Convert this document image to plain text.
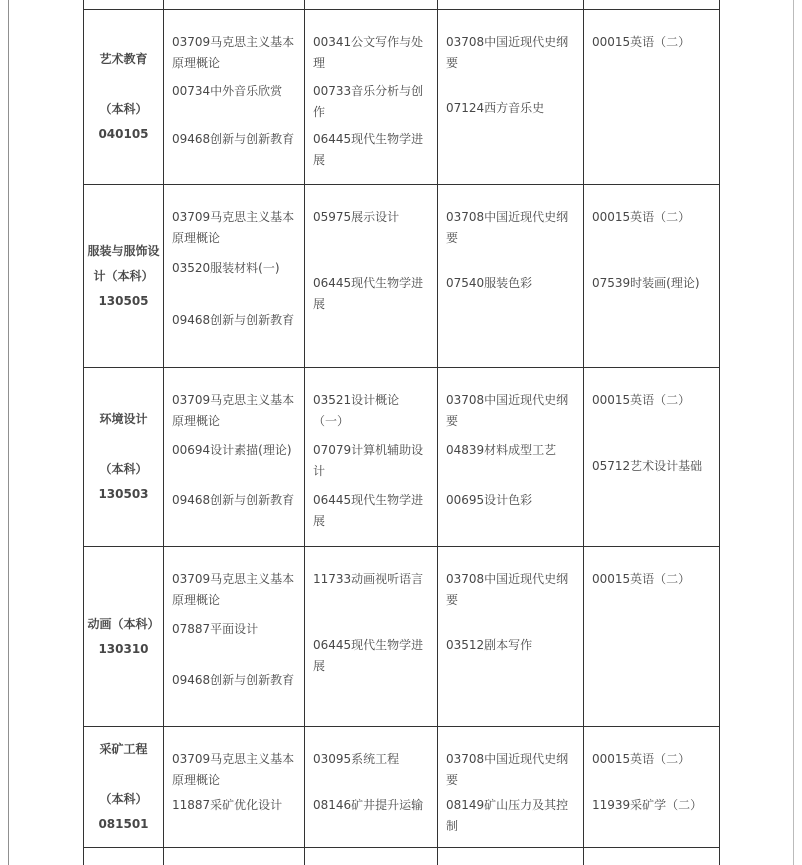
艺术教育
（本科）
040105
03709马克思主义基本原理概论
00734中外音乐欣赏
09468创新与创新教育
00341公文写作与处理
00733音乐分析与创作
06445现代生物学进展
03708中国近现代史纲要
07124西方音乐史
00015英语（二）
服装与服饰设
计（本科）
130505
03709马克思主义基本原理概论
03520服装材料(一)
09468创新与创新教育
05975展示设计
06445现代生物学进展
03708中国近现代史纲要
07540服装色彩
00015英语（二）
07539时装画(理论)
环境设计
（本科）
130503
03709马克思主义基本原理概论
00694设计素描(理论)
09468创新与创新教育
03521设计概论（一）
07079计算机辅助设计
06445现代生物学进展
03708中国近现代史纲要
04839材料成型工艺
00695设计色彩
00015英语（二）
05712艺术设计基础
动画（本科）
130310
03709马克思主义基本原理概论
07887平面设计
09468创新与创新教育
11733动画视听语言
06445现代生物学进展
03708中国近现代史纲要
03512剧本写作
00015英语（二）
采矿工程
（本科）
081501
03709马克思主义基本原理概论
11887采矿优化设计
03095系统工程
08146矿井提升运输
03708中国近现代史纲要
08149矿山压力及其控制
00015英语（二）
11939采矿学（二）
